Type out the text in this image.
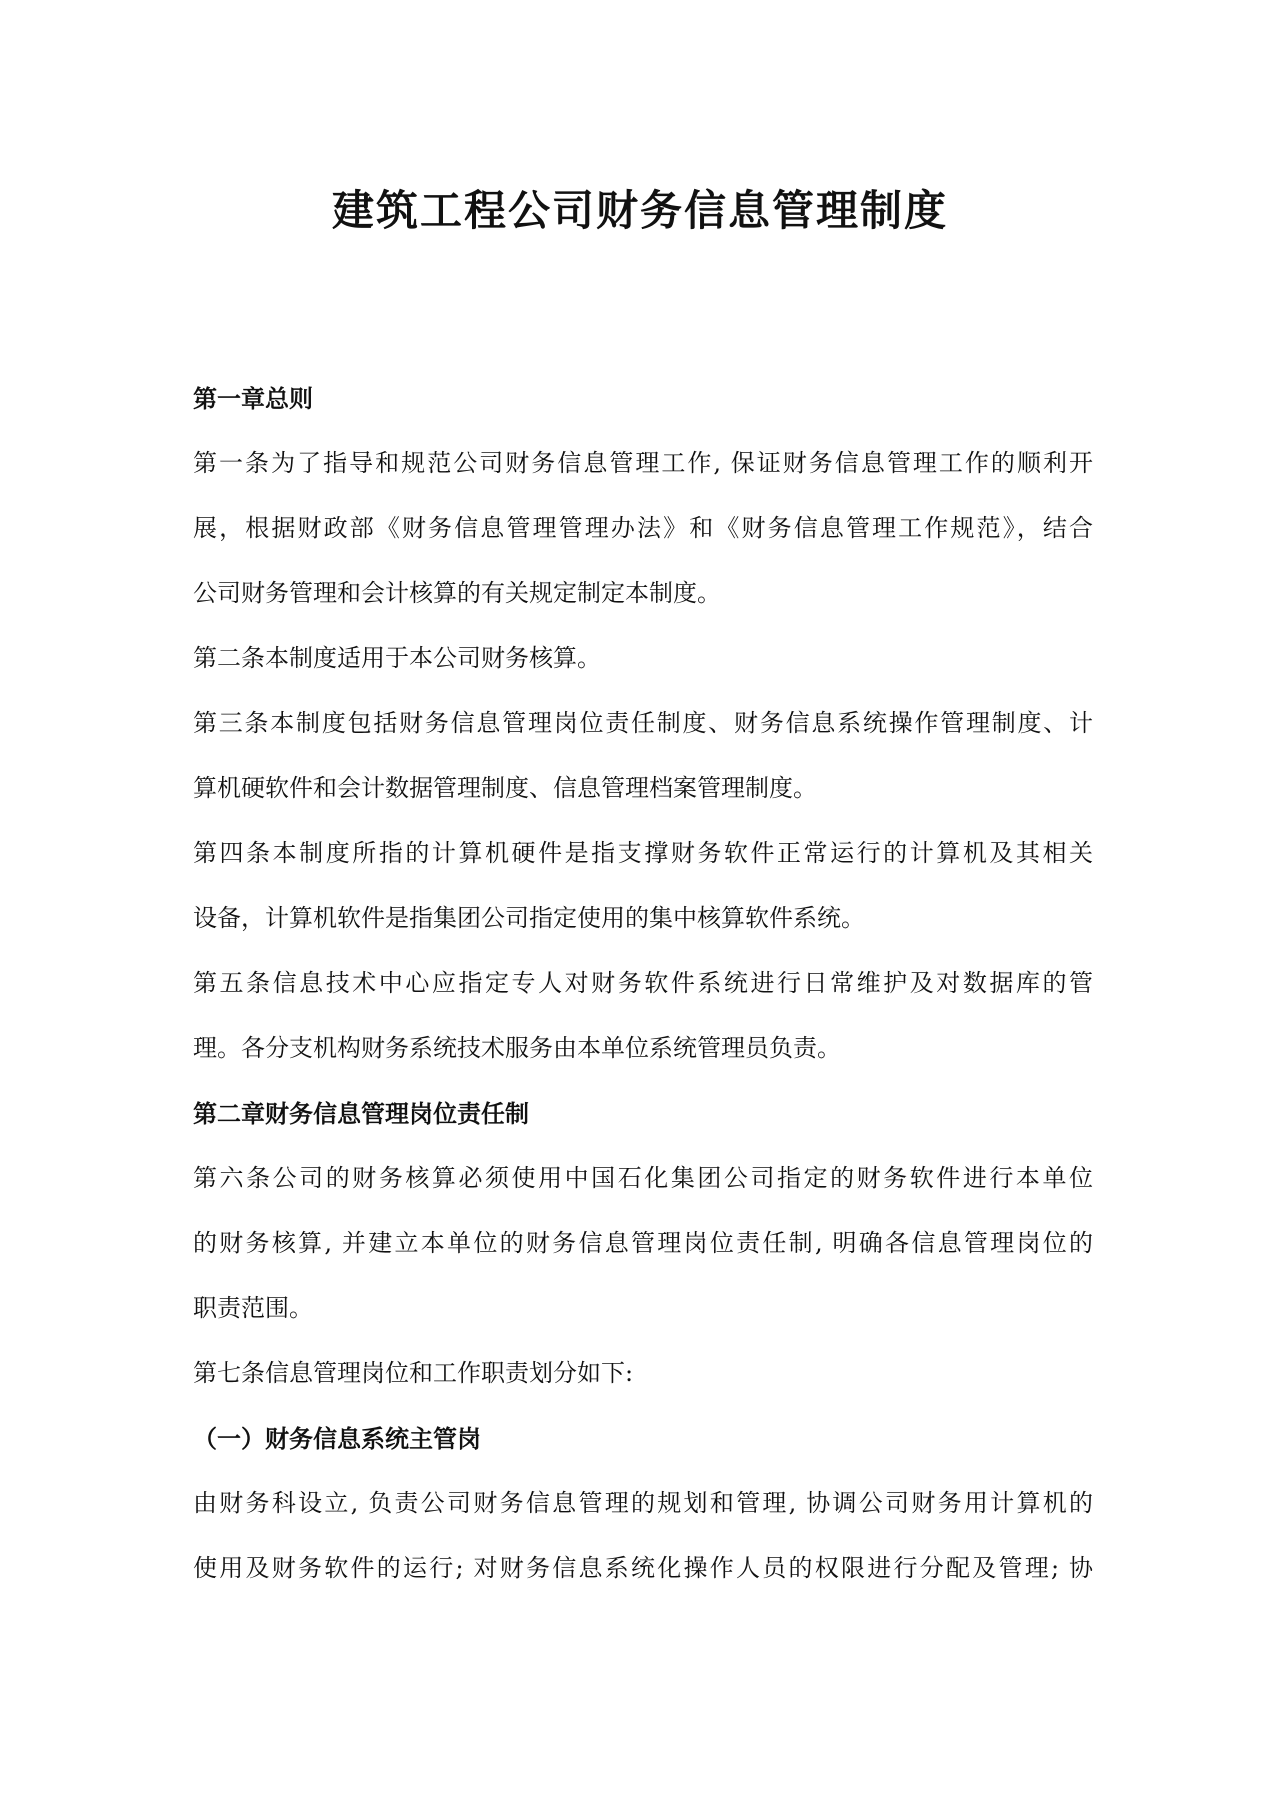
建筑工程公司财务信息管理制度
第一章总则
第一条为了指导和规范公司财务信息管理工作, 保证财务信息管理工作的顺利开
展，根据财政部《财务信息管理管理办法》和《财务信息管理工作规范》，结合
公司财务管理和会计核算的有关规定制定本制度。
第二条本制度适用于本公司财务核算。
第三条本制度包括财务信息管理岗位责任制度、财务信息系统操作管理制度、计
算机硬软件和会计数据管理制度、信息管理档案管理制度。
第四条本制度所指的计算机硬件是指支撑财务软件正常运行的计算机及其相关
设备，计算机软件是指集团公司指定使用的集中核算软件系统。
第五条信息技术中心应指定专人对财务软件系统进行日常维护及对数据库的管
理。各分支机构财务系统技术服务由本单位系统管理员负责。
第二章财务信息管理岗位责任制
第六条公司的财务核算必须使用中国石化集团公司指定的财务软件进行本单位
的财务核算, 并建立本单位的财务信息管理岗位责任制, 明确各信息管理岗位的
职责范围。
第七条信息管理岗位和工作职责划分如下:
（一）财务信息系统主管岗
由财务科设立, 负责公司财务信息管理的规划和管理, 协调公司财务用计算机的
使用及财务软件的运行; 对财务信息系统化操作人员的权限进行分配及管理; 协
